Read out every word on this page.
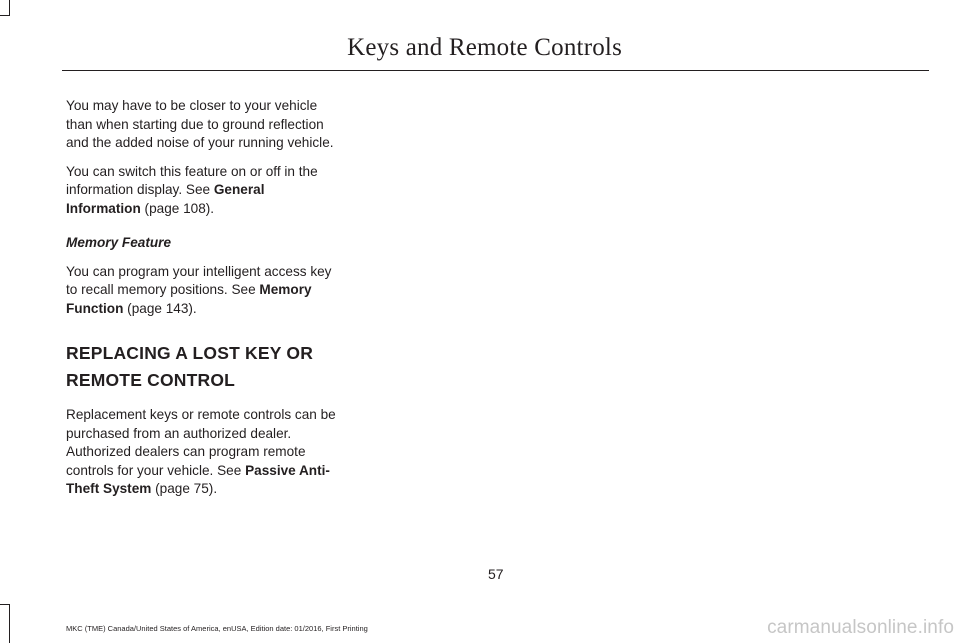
Keys and Remote Controls

You may have to be closer to your vehicle than when starting due to ground reflection and the added noise of your running vehicle.

You can switch this feature on or off in the information display. See General Information (page 108).

Memory Feature

You can program your intelligent access key to recall memory positions. See Memory Function (page 143).

REPLACING A LOST KEY OR
REMOTE CONTROL

Replacement keys or remote controls can be purchased from an authorized dealer. Authorized dealers can program remote controls for your vehicle. See Passive Anti-Theft System (page 75).

57
MKC (TME) Canada/United States of America, enUSA, Edition date: 01/2016, First Printing	carmanualsonline.info
